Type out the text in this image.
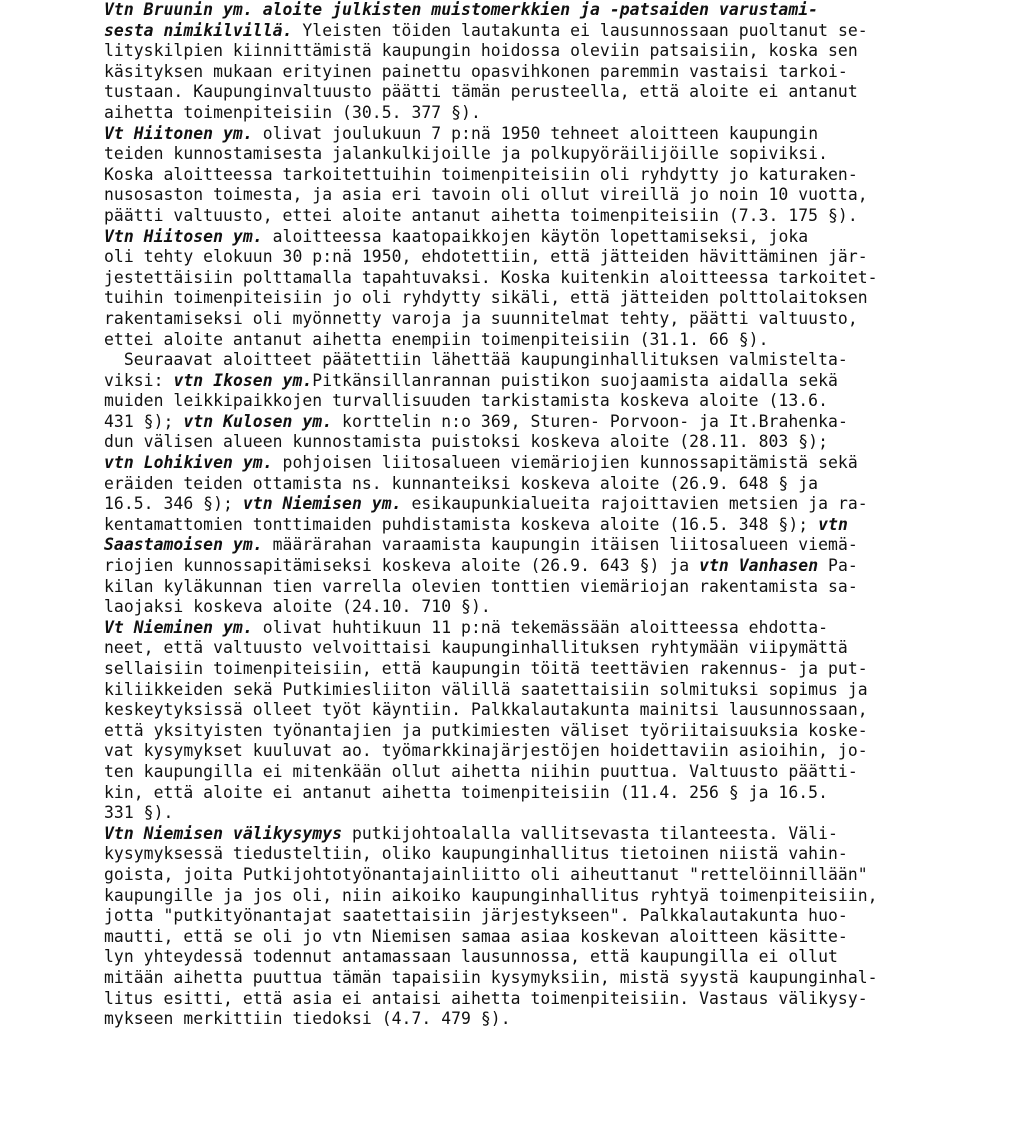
Vtn Bruunin ym. aloite julkisten muistomerkkien ja -patsaiden varustami-
sesta nimikilvillä. Yleisten töiden lautakunta ei lausunnossaan puoltanut se-
lityskilpien kiinnittämistä kaupungin hoidossa oleviin patsaisiin, koska sen
käsityksen mukaan erityinen painettu opasvihkonen paremmin vastaisi tarkoi-
tustaan. Kaupunginvaltuusto päätti tämän perusteella, että aloite ei antanut
aihetta toimenpiteisiin (30.5. 377 §).
Vt Hiitonen ym. olivat joulukuun 7 p:nä 1950 tehneet aloitteen kaupungin
teiden kunnostamisesta jalankulkijoille ja polkupyöräilijöille sopiviksi.
Koska aloitteessa tarkoitettuihin toimenpiteisiin oli ryhdytty jo katuraken-
nusosaston toimesta, ja asia eri tavoin oli ollut vireillä jo noin 10 vuotta,
päätti valtuusto, ettei aloite antanut aihetta toimenpiteisiin (7.3. 175 §).
Vtn Hiitosen ym. aloitteessa kaatopaikkojen käytön lopettamiseksi, joka
oli tehty elokuun 30 p:nä 1950, ehdotettiin, että jätteiden hävittäminen jär-
jestettäisiin polttamalla tapahtuvaksi. Koska kuitenkin aloitteessa tarkoitet-
tuihin toimenpiteisiin jo oli ryhdytty sikäli, että jätteiden polttolaitoksen
rakentamiseksi oli myönnetty varoja ja suunnitelmat tehty, päätti valtuusto,
ettei aloite antanut aihetta enempiin toimenpiteisiin (31.1. 66 §).
Seuraavat aloitteet päätettiin lähettää kaupunginhallituksen valmistelta-
viksi: vtn Ikosen ym.Pitkänsillanrannan puistikon suojaamista aidalla sekä
muiden leikkipaikkojen turvallisuuden tarkistamista koskeva aloite (13.6.
431 §); vtn Kulosen ym. korttelin n:o 369, Sturen- Porvoon- ja It.Brahenka-
dun välisen alueen kunnostamista puistoksi koskeva aloite (28.11. 803 §);
vtn Lohikiven ym. pohjoisen liitosalueen viemäriojien kunnossapitämistä sekä
eräiden teiden ottamista ns. kunnanteiksi koskeva aloite (26.9. 648 § ja
16.5. 346 §); vtn Niemisen ym. esikaupunkialueita rajoittavien metsien ja ra-
kentamattomien tonttimaiden puhdistamista koskeva aloite (16.5. 348 §); vtn
Saastamoisen ym. määrärahan varaamista kaupungin itäisen liitosalueen viemä-
riojien kunnossapitämiseksi koskeva aloite (26.9. 643 §) ja vtn Vanhasen Pa-
kilan kyläkunnan tien varrella olevien tonttien viemäriojan rakentamista sa-
laojaksi koskeva aloite (24.10. 710 §).
Vt Nieminen ym. olivat huhtikuun 11 p:nä tekemässään aloitteessa ehdotta-
neet, että valtuusto velvoittaisi kaupunginhallituksen ryhtymään viipymättä
sellaisiin toimenpiteisiin, että kaupungin töitä teettävien rakennus- ja put-
kiliikkeiden sekä Putkimiesliiton välillä saatettaisiin solmituksi sopimus ja
keskeytyksissä olleet työt käyntiin. Palkkalautakunta mainitsi lausunnossaan,
että yksityisten työnantajien ja putkimiesten väliset työriitaisuuksia koske-
vat kysymykset kuuluvat ao. työmarkkinajärjestöjen hoidettaviin asioihin, jo-
ten kaupungilla ei mitenkään ollut aihetta niihin puuttua. Valtuusto päätti-
kin, että aloite ei antanut aihetta toimenpiteisiin (11.4. 256 § ja 16.5.
331 §).
Vtn Niemisen välikysymys putkijohtoalalla vallitsevasta tilanteesta. Väli-
kysymyksessä tiedusteltiin, oliko kaupunginhallitus tietoinen niistä vahin-
goista, joita Putkijohtotyönantajainliitto oli aiheuttanut "rettelöinnillään"
kaupungille ja jos oli, niin aikoiko kaupunginhallitus ryhtyä toimenpiteisiin,
jotta "putkityönantajat saatettaisiin järjestykseen". Palkkalautakunta huo-
mautti, että se oli jo vtn Niemisen samaa asiaa koskevan aloitteen käsitte-
lyn yhteydessä todennut antamassaan lausunnossa, että kaupungilla ei ollut
mitään aihetta puuttua tämän tapaisiin kysymyksiin, mistä syystä kaupunginhal-
litus esitti, että asia ei antaisi aihetta toimenpiteisiin. Vastaus välikysy-
mykseen merkittiin tiedoksi (4.7. 479 §).
